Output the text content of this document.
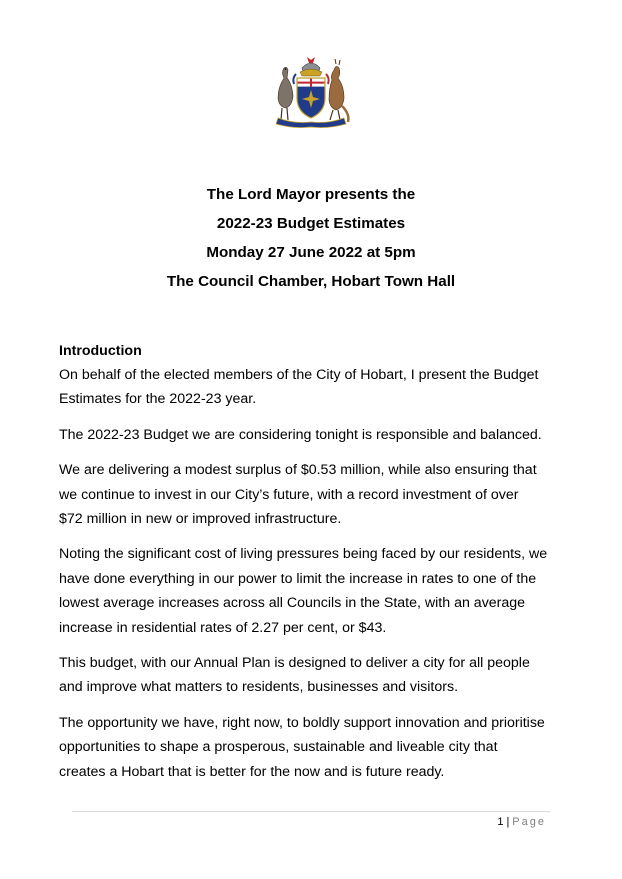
The Lord Mayor presents the
2022-23 Budget Estimates
Monday 27 June 2022 at 5pm
The Council Chamber, Hobart Town Hall
Introduction

On behalf of the elected members of the City of Hobart, I present the Budget
Estimates for the 2022-23 year.

The 2022-23 Budget we are considering tonight is responsible and balanced.

We are delivering a modest surplus of $0.53 million, while also ensuring that
we continue to invest in our City’s future, with a record investment of over
$72 million in new or improved infrastructure.

Noting the significant cost of living pressures being faced by our residents, we
have done everything in our power to limit the increase in rates to one of the
lowest average increases across all Councils in the State, with an average
increase in residential rates of 2.27 per cent, or $43.

This budget, with our Annual Plan is designed to deliver a city for all people
and improve what matters to residents, businesses and visitors.

The opportunity we have, right now, to boldly support innovation and prioritise
opportunities to shape a prosperous, sustainable and liveable city that
creates a Hobart that is better for the now and is future ready.

1 | Page
